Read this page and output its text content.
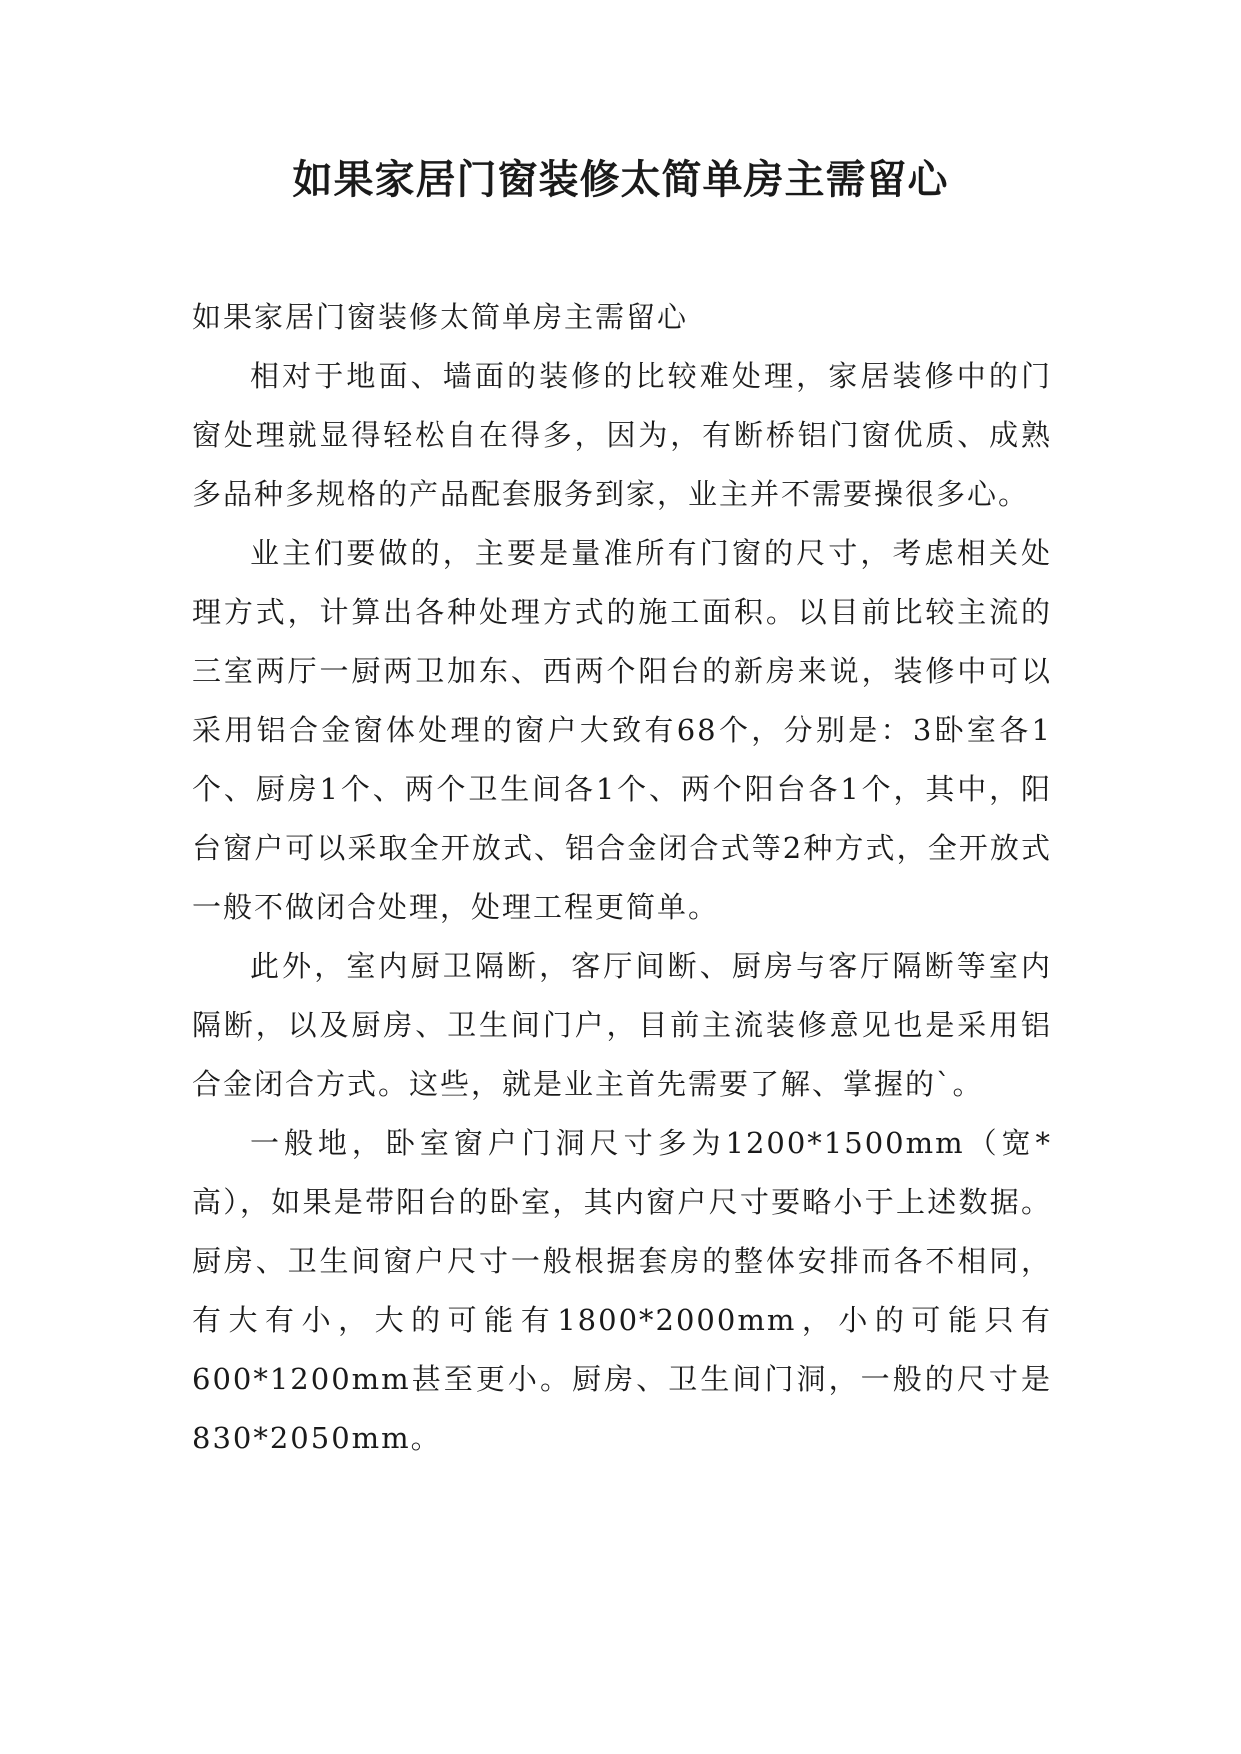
如果家居门窗装修太简单房主需留心

如果家居门窗装修太简单房主需留心

相对于地面、墙面的装修的比较难处理，家居装修中的门窗处理就显得轻松自在得多，因为，有断桥铝门窗优质、成熟多品种多规格的产品配套服务到家，业主并不需要操很多心。

业主们要做的，主要是量准所有门窗的尺寸，考虑相关处理方式，计算出各种处理方式的施工面积。以目前比较主流的三室两厅一厨两卫加东、西两个阳台的新房来说，装修中可以采用铝合金窗体处理的窗户大致有68个，分别是：3卧室各1个、厨房1个、两个卫生间各1个、两个阳台各1个，其中，阳台窗户可以采取全开放式、铝合金闭合式等2种方式，全开放式一般不做闭合处理，处理工程更简单。

此外，室内厨卫隔断，客厅间断、厨房与客厅隔断等室内隔断，以及厨房、卫生间门户，目前主流装修意见也是采用铝合金闭合方式。这些，就是业主首先需要了解、掌握的`。

一般地，卧室窗户门洞尺寸多为1200*1500mm（宽*高），如果是带阳台的卧室，其内窗户尺寸要略小于上述数据。厨房、卫生间窗户尺寸一般根据套房的整体安排而各不相同，有大有小，大的可能有1800*2000mm，小的可能只有600*1200mm甚至更小。厨房、卫生间门洞，一般的尺寸是830*2050mm。
